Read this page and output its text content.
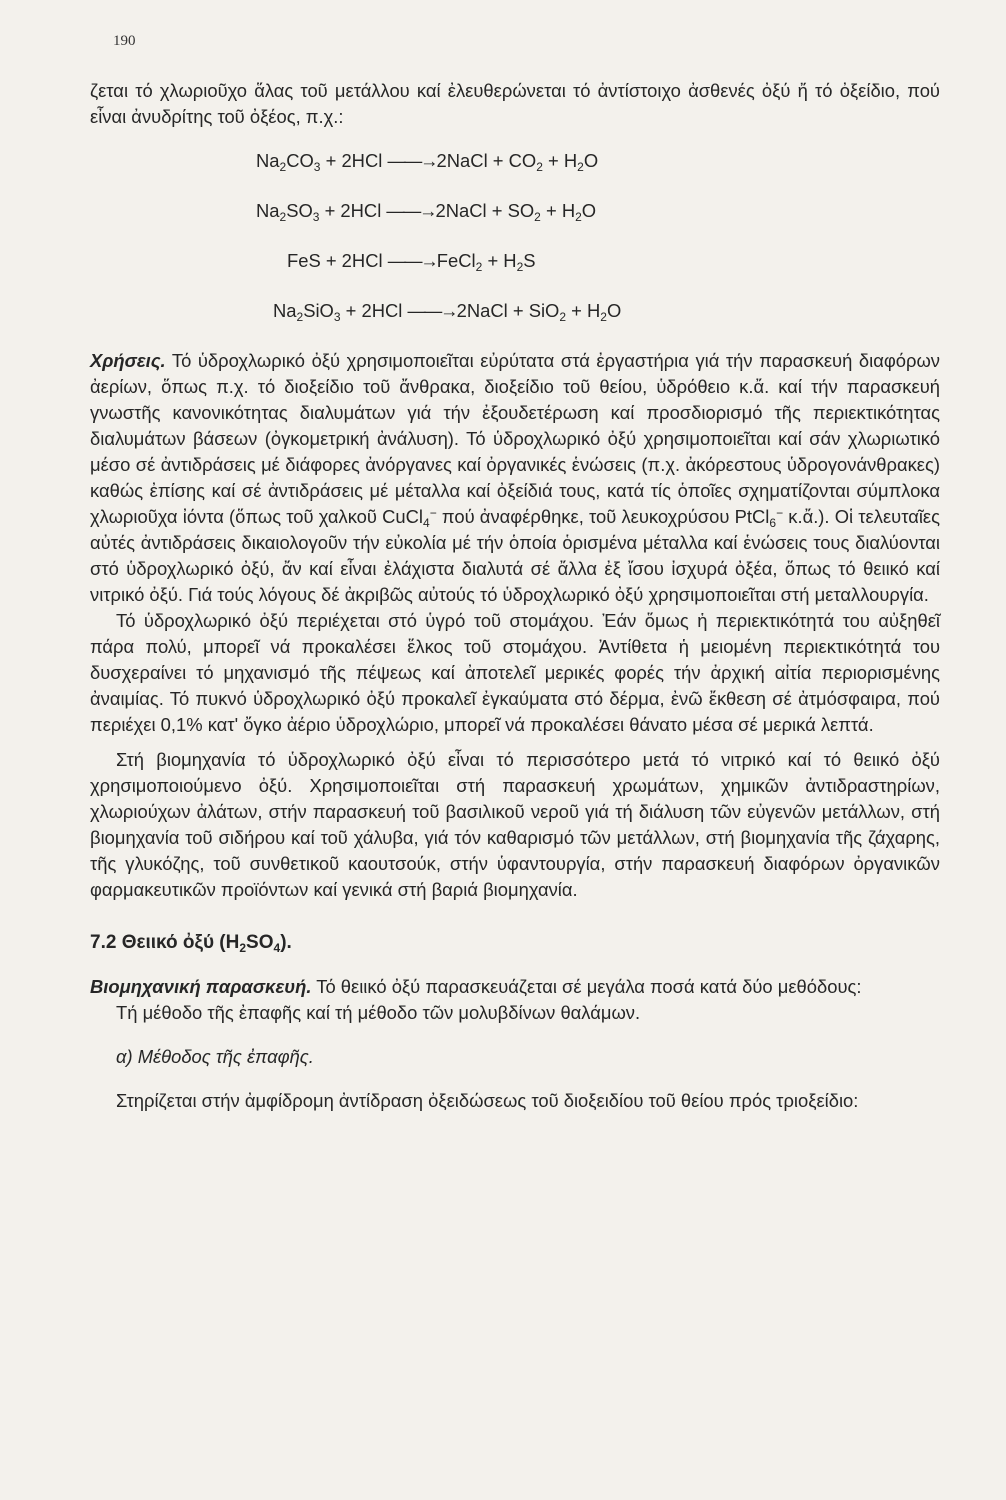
190

ζεται τό χλωριοῦχο ἅλας τοῦ μετάλλου καί ἐλευθερώνεται τό ἀντίστοιχο ἀσθενές ὀξύ ἤ τό ὀξείδιο, πού εἶναι ἀνυδρίτης τοῦ ὀξέος, π.χ.:

$Na_2CO_3 + 2HCl$ ——→ 2NaCl + $CO_2 + H_2O$
$Na_2SO_3 + 2HCl$ ——→ 2NaCl + $SO_2 + H_2O$
FeS + 2HCl ——→ FeCl$_2$ + $H_2S$
$Na_2SiO_3 + 2HCl$ ——→ 2NaCl + $SiO_2 + H_2O$

Χρήσεις. Τό ὑδροχλωρικό ὀξύ χρησιμοποιεῖται εὐρύτατα στά ἐργαστήρια γιά τήν παρασκευή διαφόρων ἀερίων, ὅπως π.χ. τό διοξείδιο τοῦ ἄνθρακα, διοξείδιο τοῦ θείου, ὑδρόθειο κ.ἄ. καί τήν παρασκευή γνωστῆς κανονικότητας διαλυμάτων γιά τήν ἐξουδετέρωση καί προσδιορισμό τῆς περιεκτικότητας διαλυμάτων βάσεων (ὀγκομετρική ἀνάλυση). Τό ὑδροχλωρικό ὀξύ χρησιμοποιεῖται καί σάν χλωριωτικό μέσο σέ ἀντιδράσεις μέ διάφορες ἀνόργανες καί ὀργανικές ἑνώσεις (π.χ. ἀκόρεστους ὑδρογονάνθρακες) καθώς ἐπίσης καί σέ ἀντιδράσεις μέ μέταλλα καί ὀξείδιά τους, κατά τίς ὁποῖες σχηματίζονται σύμπλοκα χλωριοῦχα ἰόντα (ὅπως τοῦ χαλκοῦ CuCl$_4$− πού ἀναφέρθηκε, τοῦ λευκοχρύσου PtCl$_6$− κ.ἄ.). Οἱ τελευταῖες αὐτές ἀντιδράσεις δικαιολογοῦν τήν εὐκολία μέ τήν ὁποία ὁρισμένα μέταλλα καί ἑνώσεις τους διαλύονται στό ὑδροχλωρικό ὀξύ, ἄν καί εἶναι ἐλάχιστα διαλυτά σέ ἄλλα ἐξ ἴσου ἰσχυρά ὀξέα, ὅπως τό θειικό καί νιτρικό ὀξύ. Γιά τούς λόγους δέ ἀκριβῶς αὐτούς τό ὑδροχλωρικό ὀξύ χρησιμοποιεῖται στή μεταλλουργία.

Τό ὑδροχλωρικό ὀξύ περιέχεται στό ὑγρό τοῦ στομάχου. Ἐάν ὅμως ἡ περιεκτικότητά του αὐξηθεῖ πάρα πολύ, μπορεῖ νά προκαλέσει ἕλκος τοῦ στομάχου. Ἀντίθετα ἡ μειομένη περιεκτικότητά του δυσχεραίνει τό μηχανισμό τῆς πέψεως καί ἀποτελεῖ μερικές φορές τήν ἀρχική αἰτία περιορισμένης ἀναιμίας. Τό πυκνό ὑδροχλωρικό ὀξύ προκαλεῖ ἐγκαύματα στό δέρμα, ἐνῶ ἔκθεση σέ ἀτμόσφαιρα, πού περιέχει 0,1% κατ' ὄγκο ἀέριο ὑδροχλώριο, μπορεῖ νά προκαλέσει θάνατο μέσα σέ μερικά λεπτά.

Στή βιομηχανία τό ὑδροχλωρικό ὀξύ εἶναι τό περισσότερο μετά τό νιτρικό καί τό θειικό ὀξύ χρησιμοποιούμενο ὀξύ. Χρησιμοποιεῖται στή παρασκευή χρωμάτων, χημικῶν ἀντιδραστηρίων, χλωριούχων ἀλάτων, στήν παρασκευή τοῦ βασιλικοῦ νεροῦ γιά τή διάλυση τῶν εὐγενῶν μετάλλων, στή βιομηχανία τοῦ σιδήρου καί τοῦ χάλυβα, γιά τόν καθαρισμό τῶν μετάλλων, στή βιομηχανία τῆς ζάχαρης, τῆς γλυκόζης, τοῦ συνθετικοῦ καουτσούκ, στήν ὑφαντουργία, στήν παρασκευή διαφόρων ὀργανικῶν φαρμακευτικῶν προϊόντων καί γενικά στή βαριά βιομηχανία.

7.2 Θειικό ὀξύ $(H_2SO_4)$.

Βιομηχανική παρασκευή. Τό θειικό ὀξύ παρασκευάζεται σέ μεγάλα ποσά κατά δύο μεθόδους:

Τή μέθοδο τῆς ἐπαφῆς καί τή μέθοδο τῶν μολυβδίνων θαλάμων.

α) Μέθοδος τῆς ἐπαφῆς.

Στηρίζεται στήν ἀμφίδρομη ἀντίδραση ὀξειδώσεως τοῦ διοξειδίου τοῦ θείου πρός τριοξείδιο:
